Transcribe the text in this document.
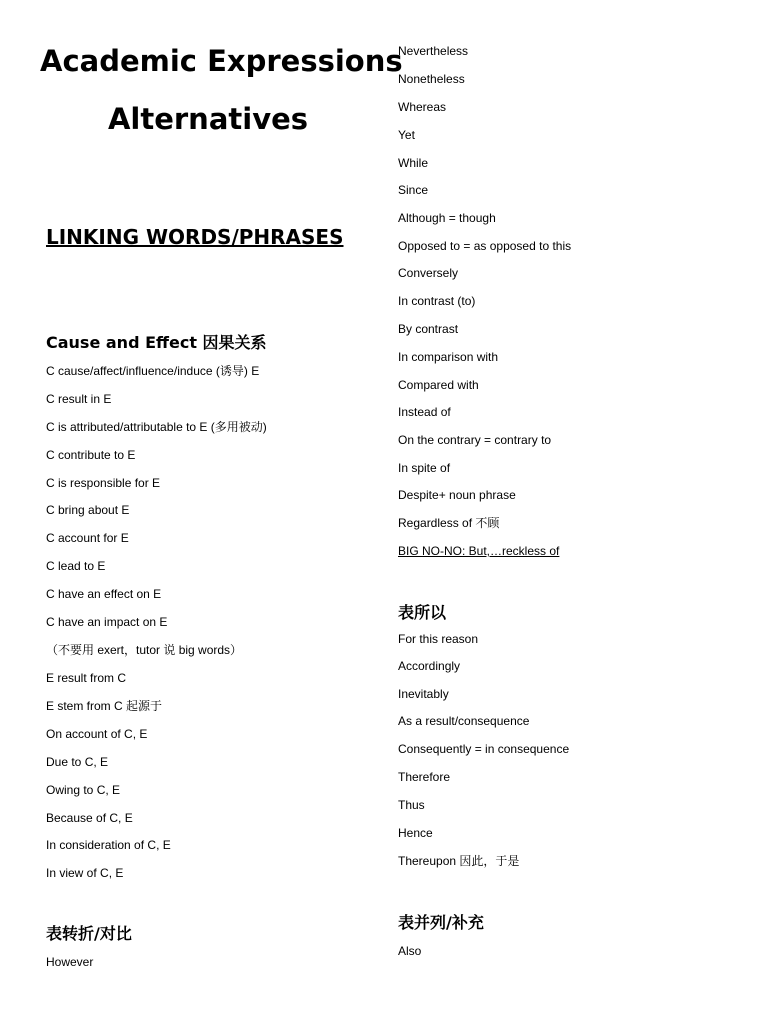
Academic Expressions
Alternatives
LINKING WORDS/PHRASES
Cause and Effect 因果关系
C cause/affect/influence/induce (诱导) E
C result in E
C is attributed/attributable to E (多用被动)
C contribute to E
C is responsible for E
C bring about E
C account for E
C lead to E
C have an effect on E
C have an impact on E
（不要用 exert，tutor 说 big words）
E result from C
E stem from C 起源于
On account of C, E
Due to C, E
Owing to C, E
Because of C, E
In consideration of C, E
In view of C, E
表转折/对比
However
Nevertheless
Nonetheless
Whereas
Yet
While
Since
Although = though
Opposed to = as opposed to this
Conversely
In contrast (to)
By contrast
In comparison with
Compared with
Instead of
On the contrary = contrary to
In spite of
Despite+ noun phrase
Regardless of 不顾
BIG NO-NO: But,…reckless of
表所以
For this reason
Accordingly
Inevitably
As a result/consequence
Consequently = in consequence
Therefore
Thus
Hence
Thereupon 因此，于是
表并列/补充
Also
